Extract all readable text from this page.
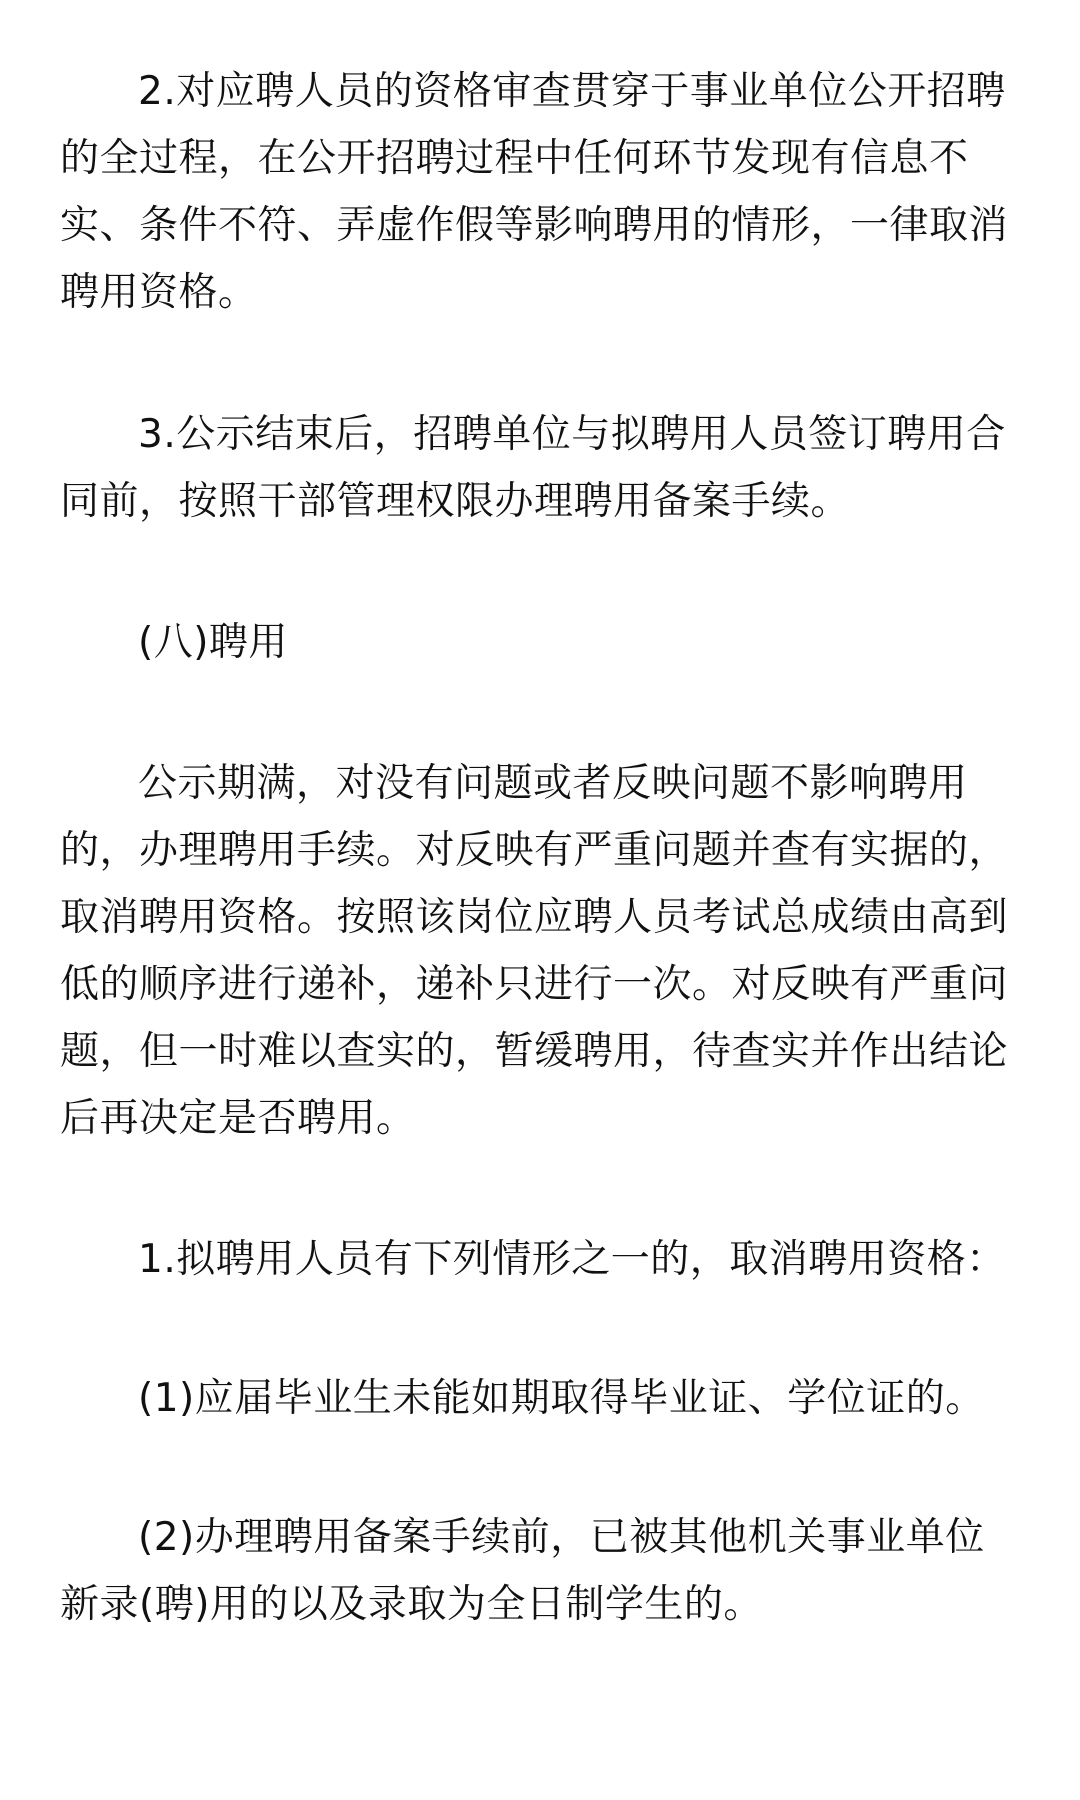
2.对应聘人员的资格审查贯穿于事业单位公开招聘的全过程，在公开招聘过程中任何环节发现有信息不实、条件不符、弄虚作假等影响聘用的情形，一律取消聘用资格。

3.公示结束后，招聘单位与拟聘用人员签订聘用合同前，按照干部管理权限办理聘用备案手续。

(八)聘用

公示期满，对没有问题或者反映问题不影响聘用的，办理聘用手续。对反映有严重问题并查有实据的，取消聘用资格。按照该岗位应聘人员考试总成绩由高到低的顺序进行递补，递补只进行一次。对反映有严重问题，但一时难以查实的，暂缓聘用，待查实并作出结论后再决定是否聘用。

1.拟聘用人员有下列情形之一的，取消聘用资格：

(1)应届毕业生未能如期取得毕业证、学位证的。

(2)办理聘用备案手续前，已被其他机关事业单位新录(聘)用的以及录取为全日制学生的。
